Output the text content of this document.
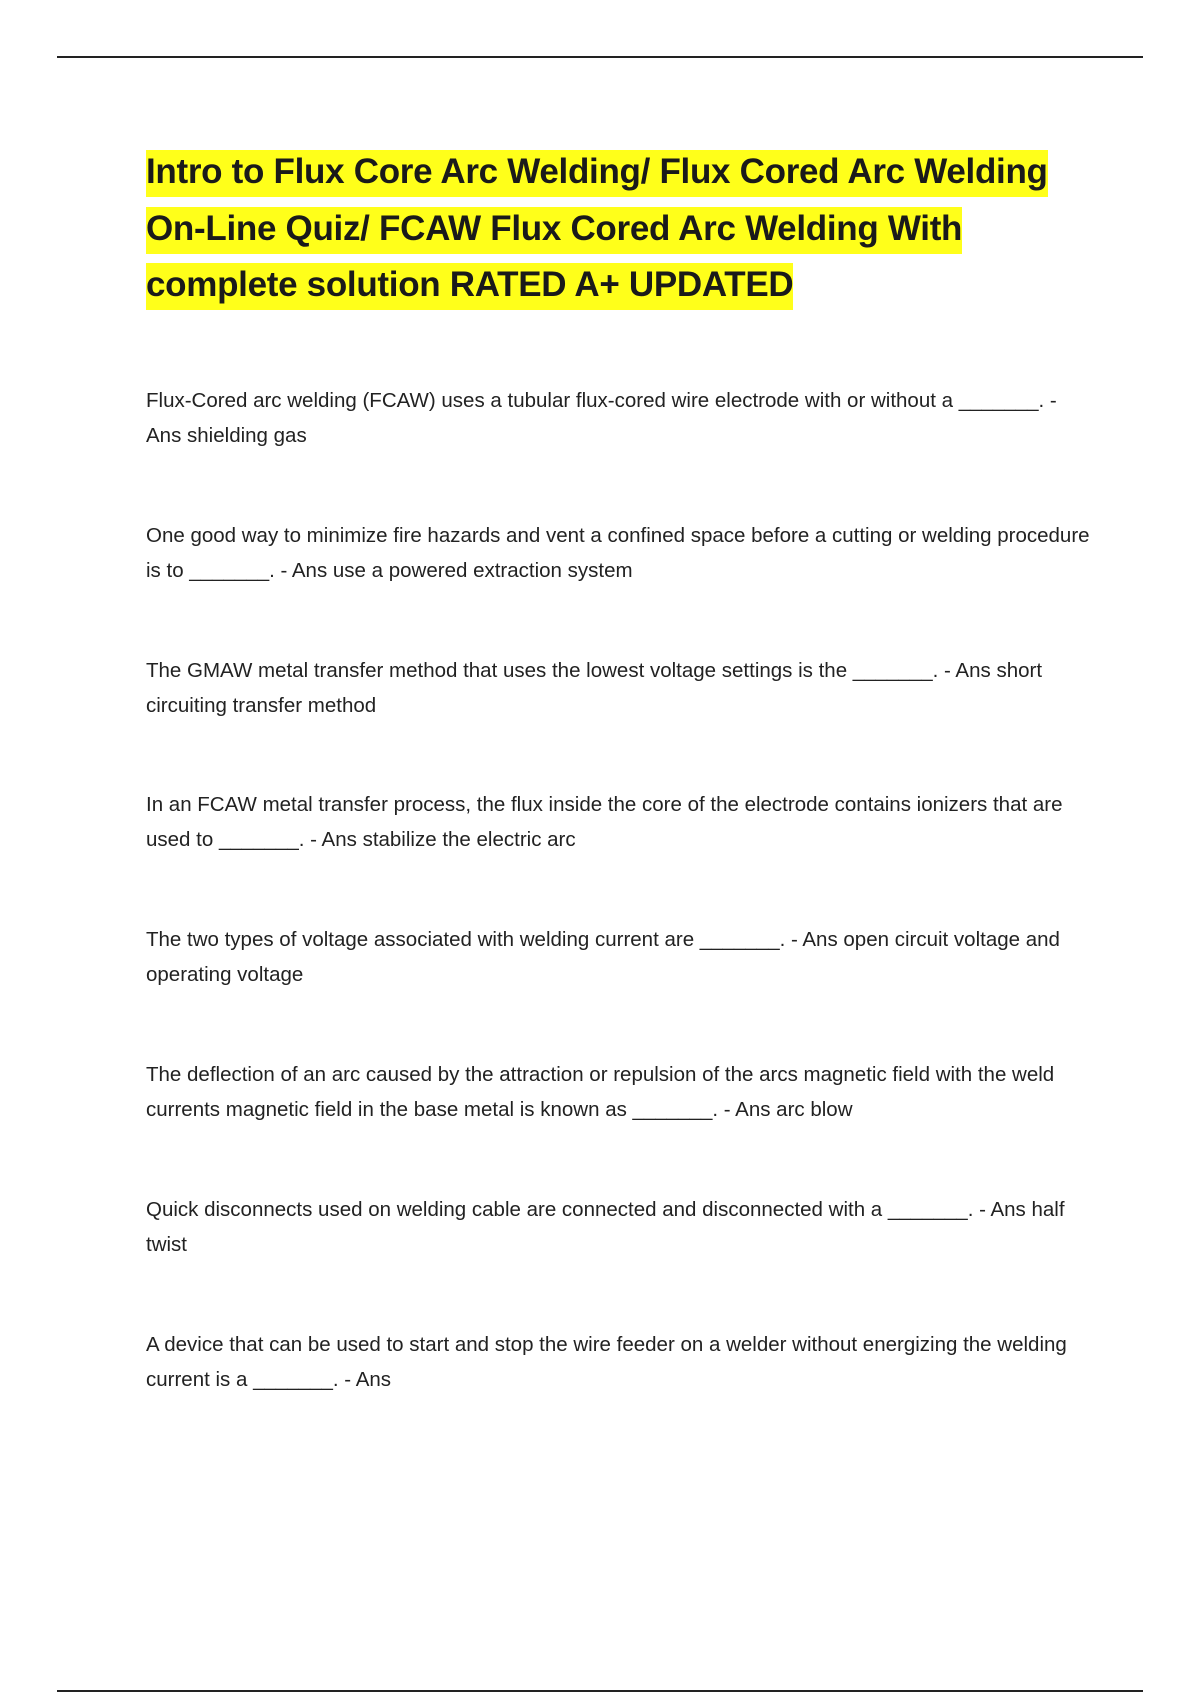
Intro to Flux Core Arc Welding/ Flux Cored Arc Welding On-Line Quiz/ FCAW Flux Cored Arc Welding With complete solution RATED A+ UPDATED

Flux-Cored arc welding (FCAW) uses a tubular flux-cored wire electrode with or without a _______. - Ans shielding gas

One good way to minimize fire hazards and vent a confined space before a cutting or welding procedure is to _______. - Ans use a powered extraction system

The GMAW metal transfer method that uses the lowest voltage settings is the _______. - Ans short circuiting transfer method

In an FCAW metal transfer process, the flux inside the core of the electrode contains ionizers that are used to _______. - Ans stabilize the electric arc

The two types of voltage associated with welding current are _______. - Ans open circuit voltage and operating voltage

The deflection of an arc caused by the attraction or repulsion of the arcs magnetic field with the weld currents magnetic field in the base metal is known as _______. - Ans arc blow

Quick disconnects used on welding cable are connected and disconnected with a _______. - Ans half twist

A device that can be used to start and stop the wire feeder on a welder without energizing the welding current is a _______. - Ans
